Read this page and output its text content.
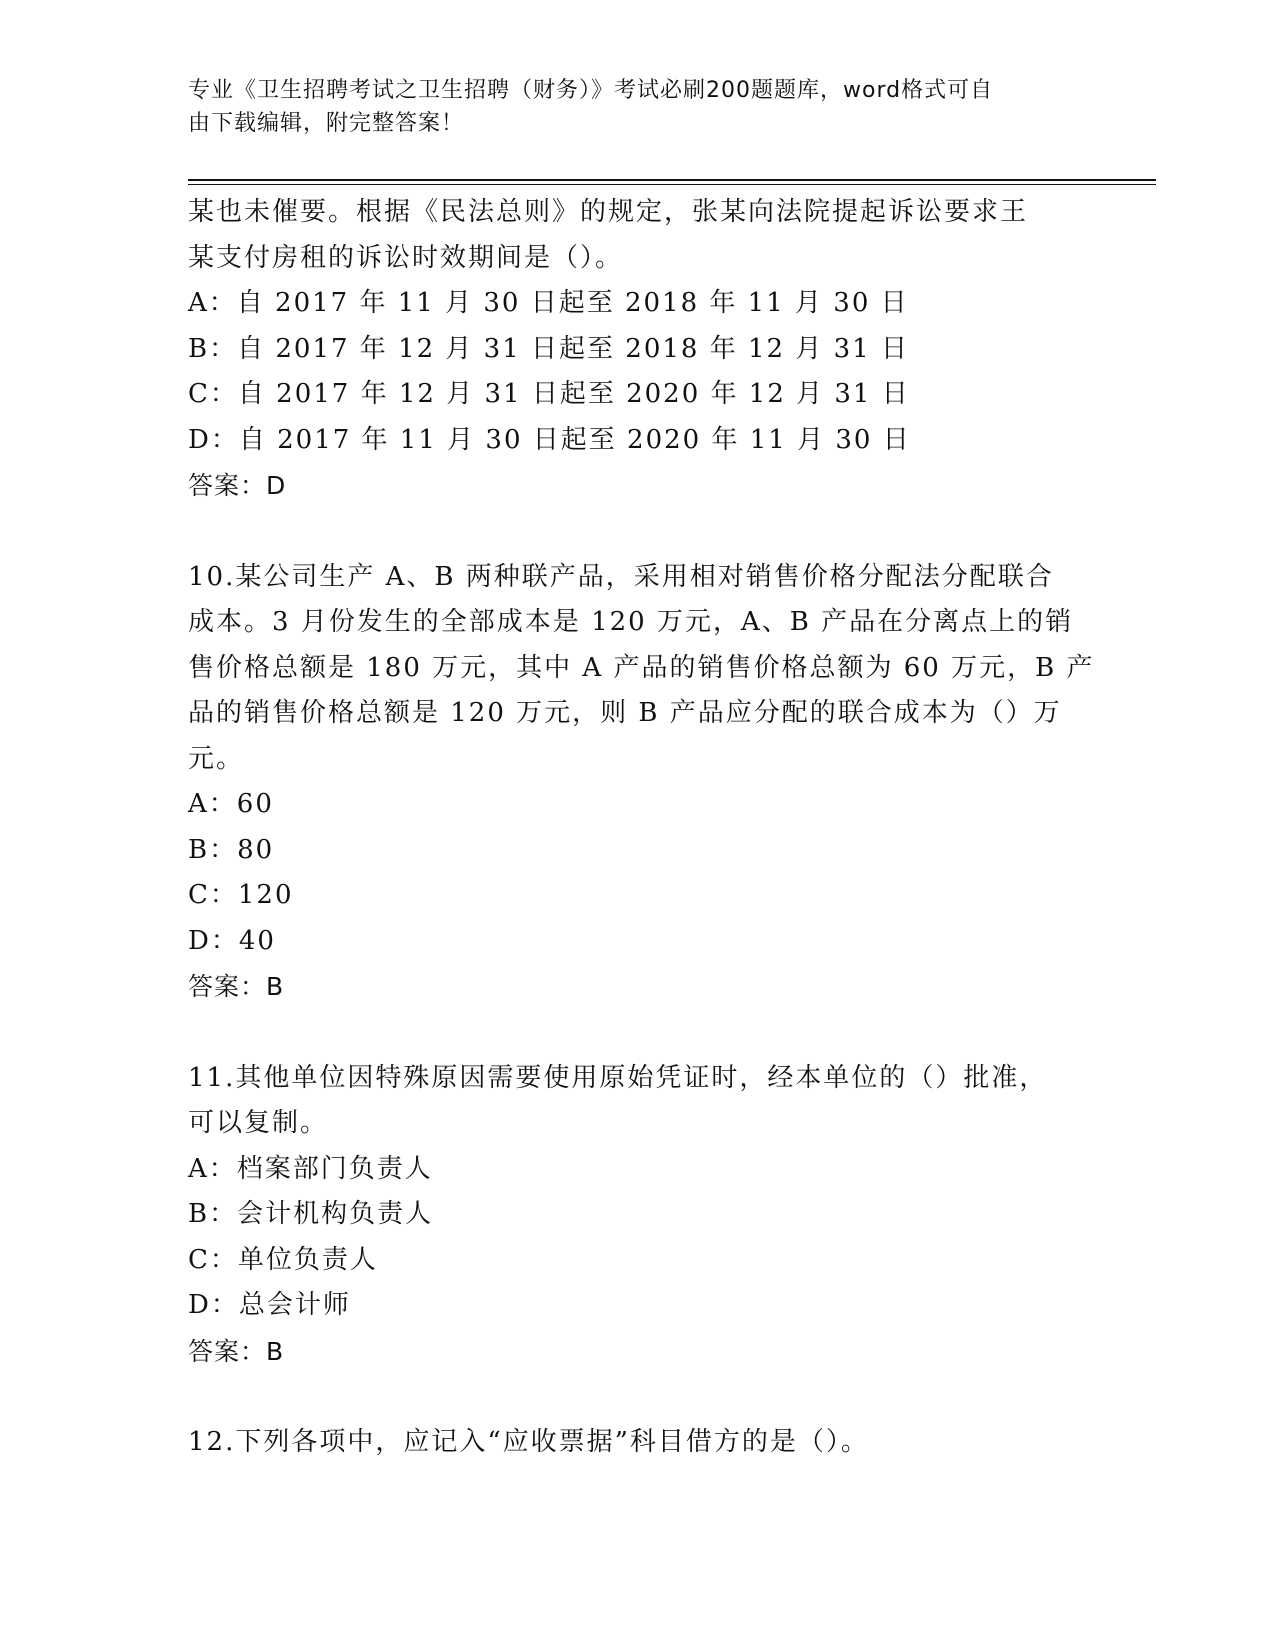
专业《卫生招聘考试之卫生招聘（财务）》考试必刷200题题库，word格式可自
由下载编辑，附完整答案！
某也未催要。根据《民法总则》的规定，张某向法院提起诉讼要求王
某支付房租的诉讼时效期间是（）。
A：自 2017 年 11 月 30 日起至 2018 年 11 月 30 日
B：自 2017 年 12 月 31 日起至 2018 年 12 月 31 日
C：自 2017 年 12 月 31 日起至 2020 年 12 月 31 日
D：自 2017 年 11 月 30 日起至 2020 年 11 月 30 日
答案：D
10.某公司生产 A、B 两种联产品，采用相对销售价格分配法分配联合
成本。3 月份发生的全部成本是 120 万元，A、B 产品在分离点上的销
售价格总额是 180 万元，其中 A 产品的销售价格总额为 60 万元，B 产
品的销售价格总额是 120 万元，则 B 产品应分配的联合成本为（）万
元。
A：60
B：80
C：120
D：40
答案：B
11.其他单位因特殊原因需要使用原始凭证时，经本单位的（）批准，
可以复制。
A：档案部门负责人
B：会计机构负责人
C：单位负责人
D：总会计师
答案：B
12.下列各项中，应记入“应收票据”科目借方的是（）。
